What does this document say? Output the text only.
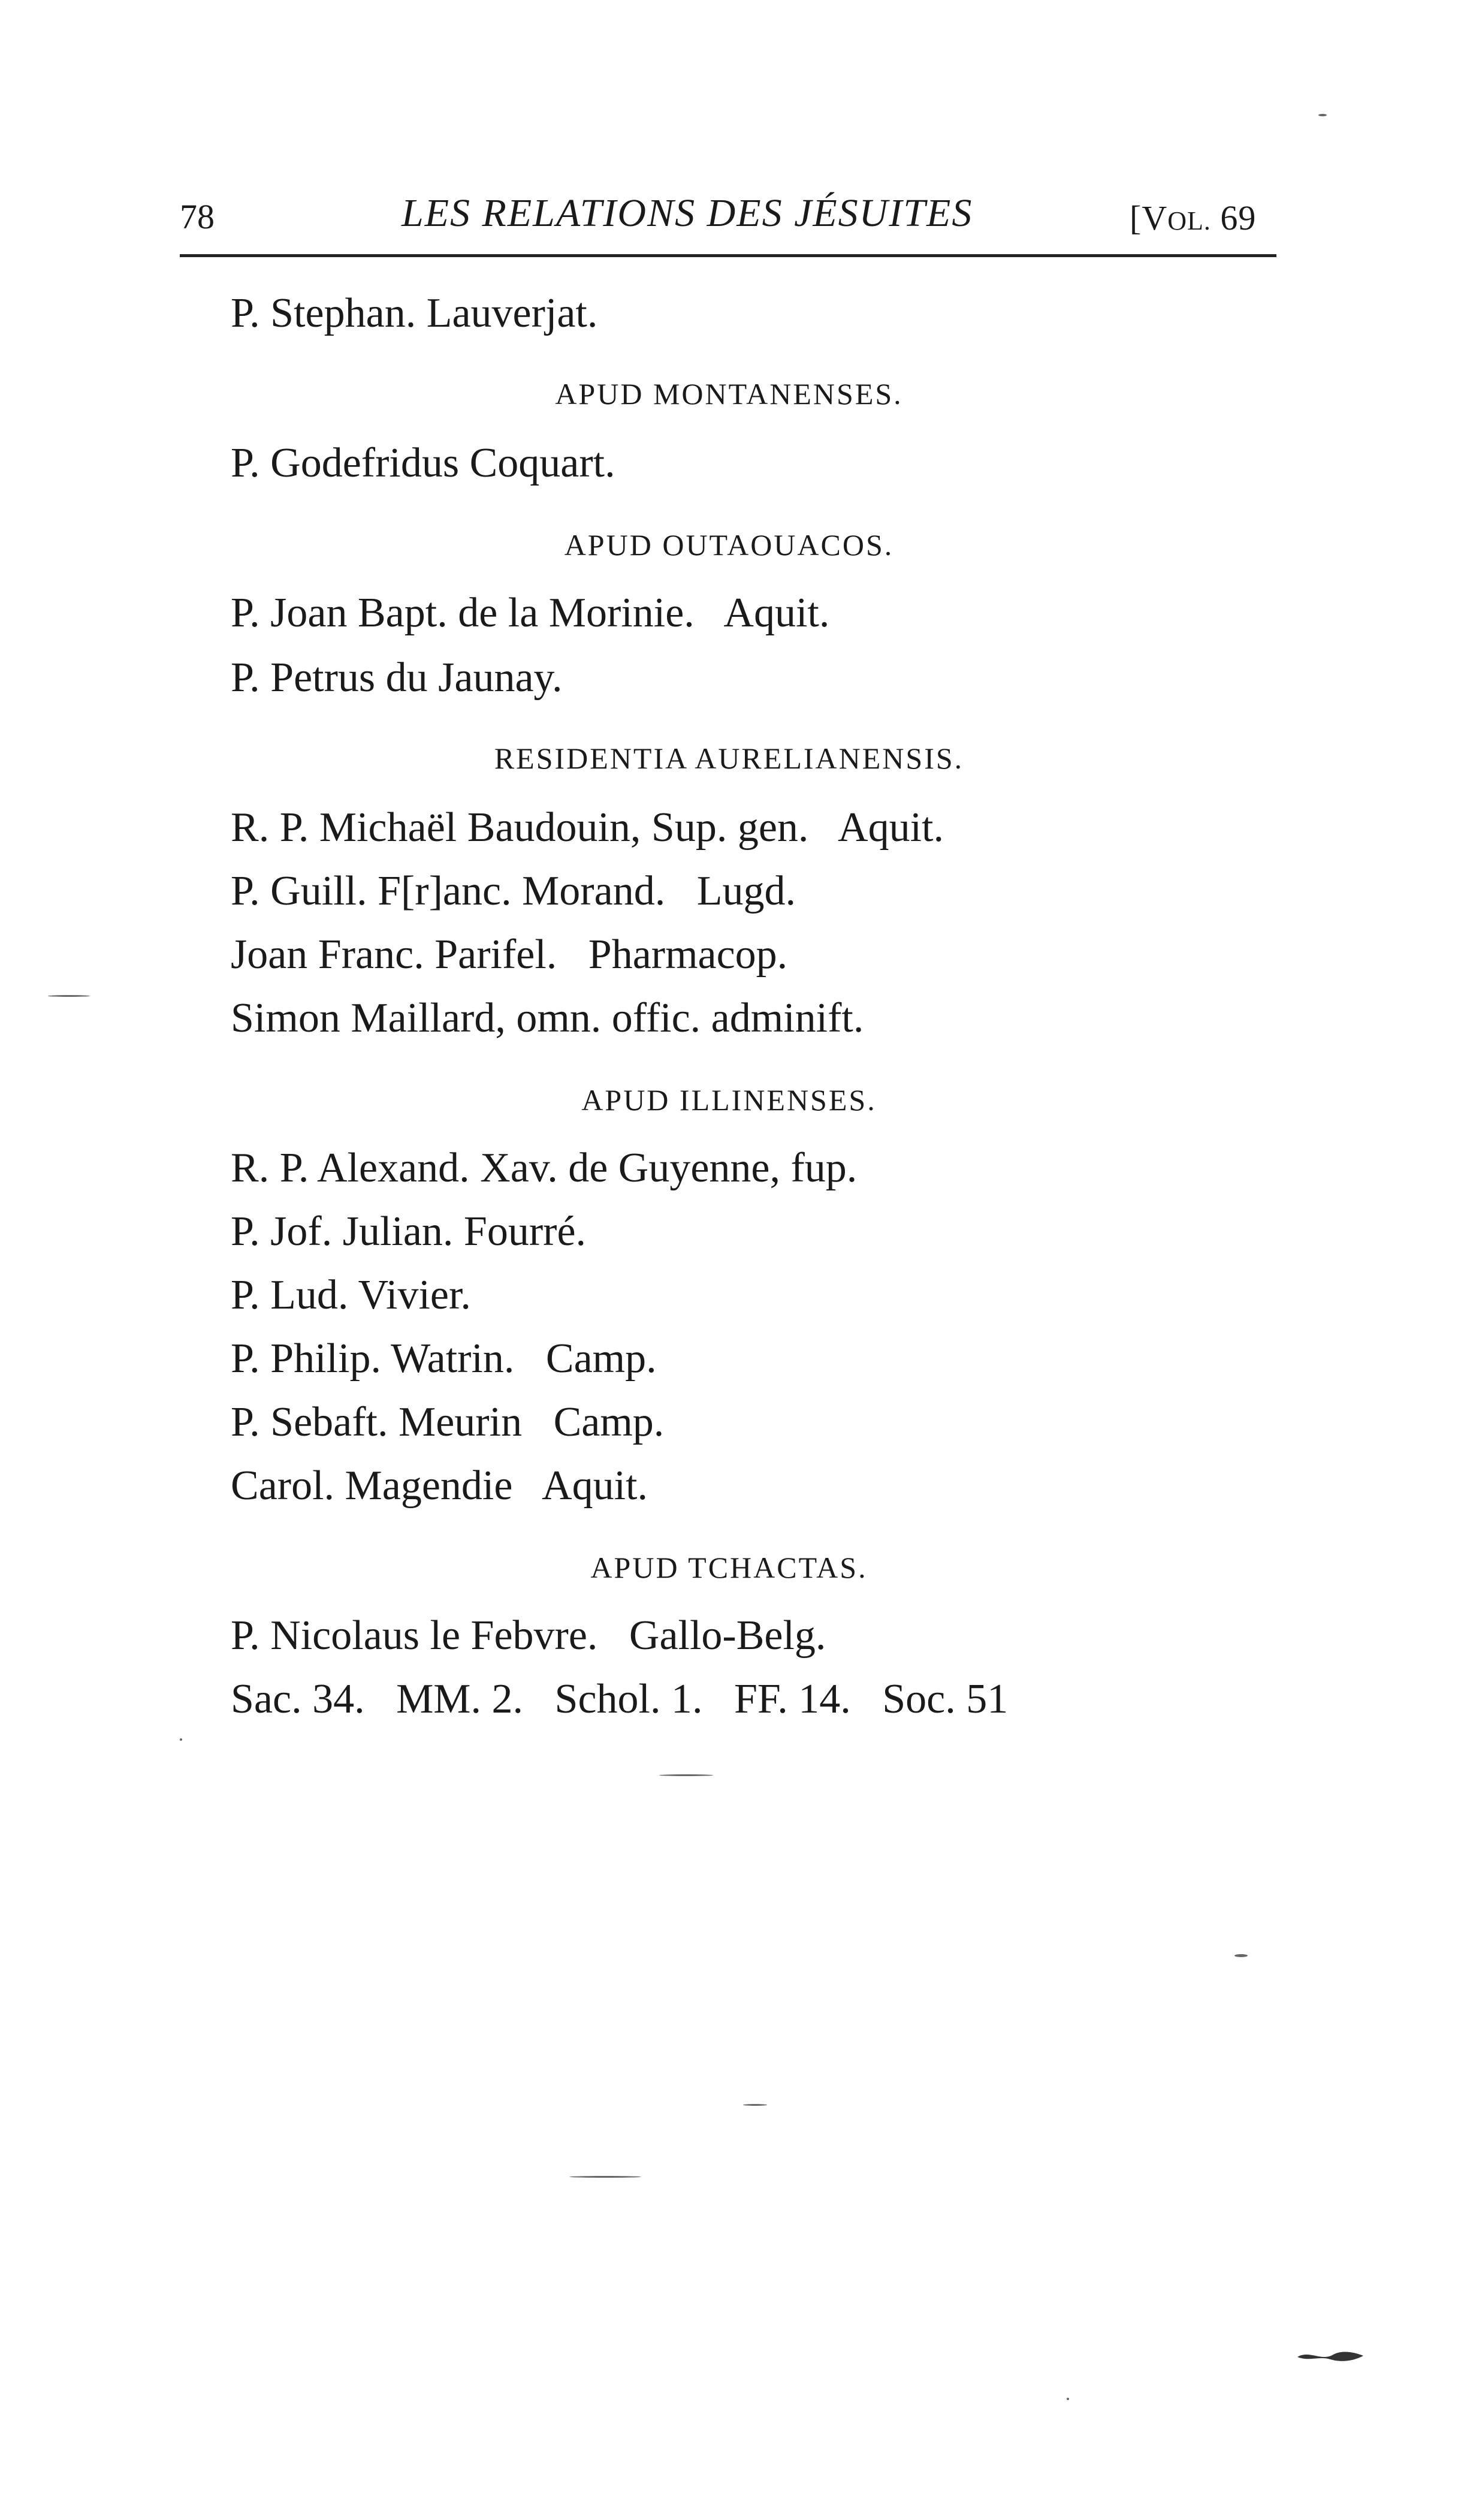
78	LES RELATIONS DES JÉSUITES	[VOL. 69
P. Stephan. Lauverjat.
APUD MONTANENSES.
P. Godefridus Coquart.
APUD OUTAOUACOS.
P. Joan Bapt. de la Morinie.   Aquit.
P. Petrus du Jaunay.
RESIDENTIA AURELIANENSIS.
R. P. Michaël Baudouin, Sup. gen.   Aquit.
P. Guill. F[r]anc. Morand.   Lugd.
Joan Franc. Parifel.   Pharmacop.
Simon Maillard, omn. offic. adminift.
APUD ILLINENSES.
R. P. Alexand. Xav. de Guyenne, fup.
P. Jof. Julian. Fourré.
P. Lud. Vivier.
P. Philip. Watrin.   Camp.
P. Sebaft. Meurin   Camp.
Carol. Magendie   Aquit.
APUD TCHACTAS.
P. Nicolaus le Febvre.   Gallo-Belg.
Sac. 34.   MM. 2.   Schol. 1.   FF. 14.   Soc. 51
